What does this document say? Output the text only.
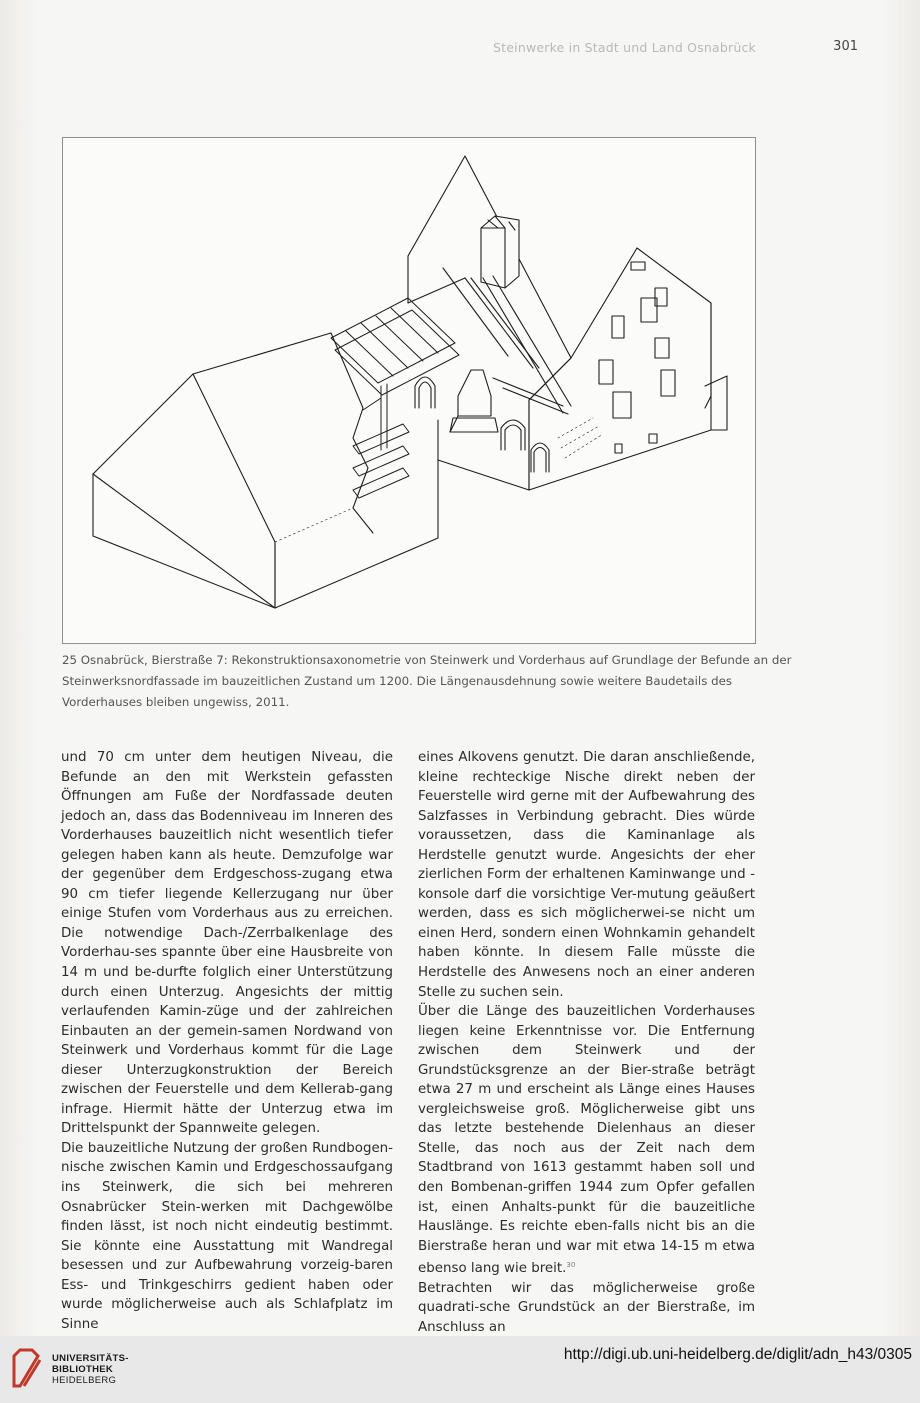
Steinwerke in Stadt und Land Osnabrück	301

25 Osnabrück, Bierstraße 7: Rekonstruktionsaxonometrie von Steinwerk und Vorderhaus auf Grundlage der Befunde an der

Steinwerksnordfassade im bauzeitlichen Zustand um 1200. Die Längenausdehnung sowie weitere Baudetails des

Vorderhauses bleiben ungewiss, 2011.

und 70 cm unter dem heutigen Niveau, die Befunde an den mit Werkstein gefassten Öffnungen am Fuße der Nordfassade deuten jedoch an, dass das Bodenniveau im Inneren des Vorderhauses bauzeitlich nicht wesentlich tiefer gelegen haben kann als heute. Demzufolge war der gegenüber dem Erdgeschoss-zugang etwa 90 cm tiefer liegende Kellerzugang nur über einige Stufen vom Vorderhaus aus zu erreichen. Die notwendige Dach-/Zerrbalkenlage des Vorderhau-ses spannte über eine Hausbreite von 14 m und be-durfte folglich einer Unterstützung durch einen Unterzug. Angesichts der mittig verlaufenden Kamin-züge und der zahlreichen Einbauten an der gemein-samen Nordwand von Steinwerk und Vorderhaus kommt für die Lage dieser Unterzugkonstruktion der Bereich zwischen der Feuerstelle und dem Kellerab-gang infrage. Hiermit hätte der Unterzug etwa im Drittelspunkt der Spannweite gelegen.

Die bauzeitliche Nutzung der großen Rundbogen-nische zwischen Kamin und Erdgeschossaufgang ins Steinwerk, die sich bei mehreren Osnabrücker Stein-werken mit Dachgewölbe finden lässt, ist noch nicht eindeutig bestimmt. Sie könnte eine Ausstattung mit Wandregal besessen und zur Aufbewahrung vorzeig-baren Ess- und Trinkgeschirrs gedient haben oder wurde möglicherweise auch als Schlafplatz im Sinne

eines Alkovens genutzt. Die daran anschließende, kleine rechteckige Nische direkt neben der Feuerstelle wird gerne mit der Aufbewahrung des Salzfasses in Verbindung gebracht. Dies würde voraussetzen, dass die Kaminanlage als Herdstelle genutzt wurde. Angesichts der eher zierlichen Form der erhaltenen Kaminwange und -konsole darf die vorsichtige Ver-mutung geäußert werden, dass es sich möglicherwei-se nicht um einen Herd, sondern einen Wohnkamin gehandelt haben könnte. In diesem Falle müsste die Herdstelle des Anwesens noch an einer anderen Stelle zu suchen sein.

Über die Länge des bauzeitlichen Vorderhauses liegen keine Erkenntnisse vor. Die Entfernung zwischen dem Steinwerk und der Grundstücksgrenze an der Bier-straße beträgt etwa 27 m und erscheint als Länge eines Hauses vergleichsweise groß. Möglicherweise gibt uns das letzte bestehende Dielenhaus an dieser Stelle, das noch aus der Zeit nach dem Stadtbrand von 1613 gestammt haben soll und den Bombenan-griffen 1944 zum Opfer gefallen ist, einen Anhalts-punkt für die bauzeitliche Hauslänge. Es reichte eben-falls nicht bis an die Bierstraße heran und war mit etwa 14-15 m etwa ebenso lang wie breit.$^{30}$

Betrachten wir das möglicherweise große quadrati-sche Grundstück an der Bierstraße, im Anschluss an

UNIVERSITÄTS-
BIBLIOTHEK
HEIDELBERG
http://digi.ub.uni-heidelberg.de/diglit/adn_h43/0305
